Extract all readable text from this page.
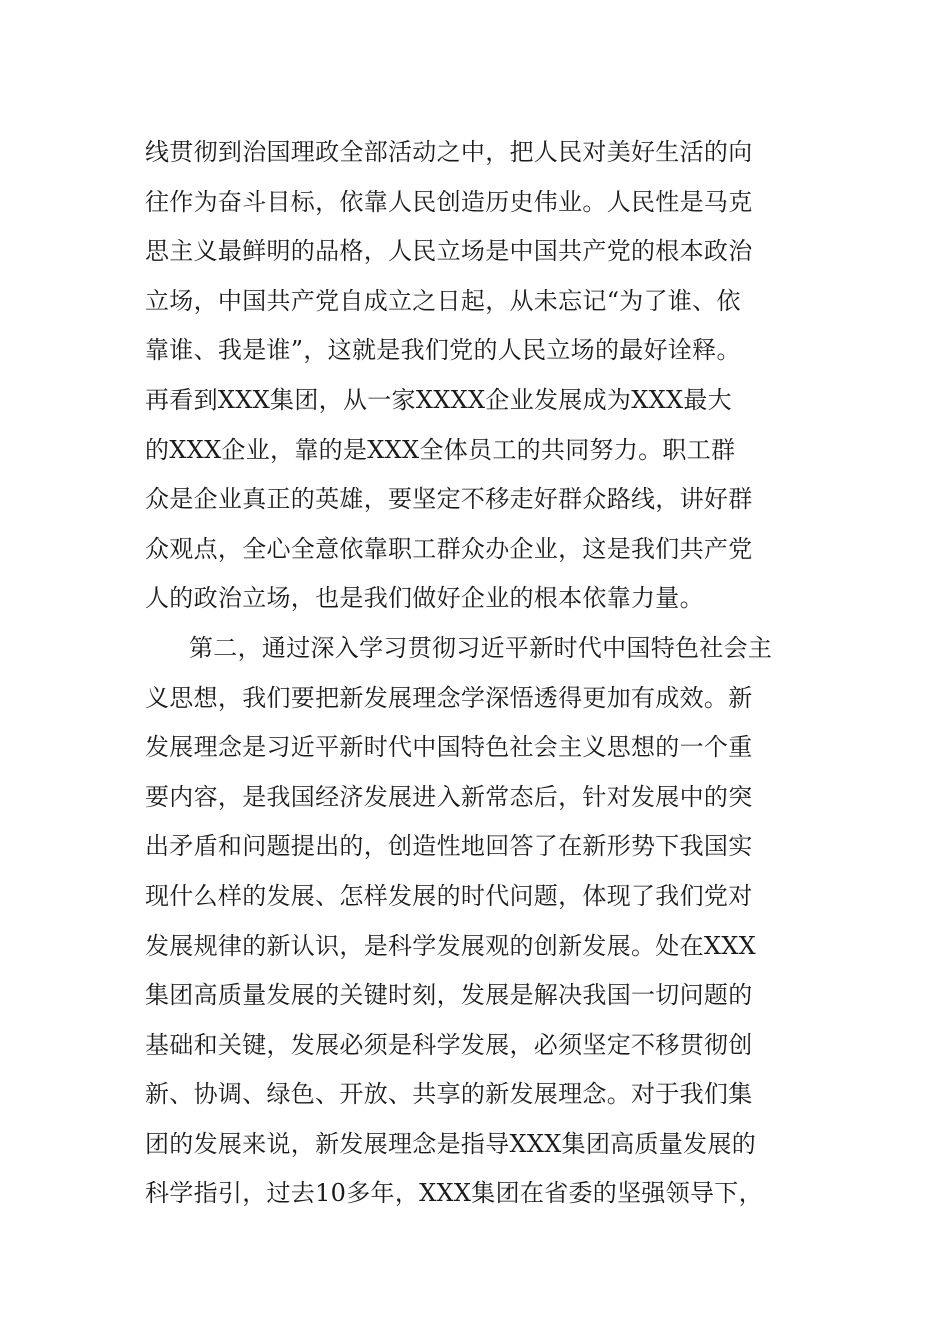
线贯彻到治国理政全部活动之中，把人民对美好生活的向
往作为奋斗目标，依靠人民创造历史伟业。人民性是马克
思主义最鲜明的品格，人民立场是中国共产党的根本政治
立场，中国共产党自成立之日起，从未忘记“为了谁、依
靠谁、我是谁”，这就是我们党的人民立场的最好诠释。
再看到XXX集团，从一家XXXX企业发展成为XXX最大
的XXX企业，靠的是XXX全体员工的共同努力。职工群
众是企业真正的英雄，要坚定不移走好群众路线，讲好群
众观点，全心全意依靠职工群众办企业，这是我们共产党
人的政治立场，也是我们做好企业的根本依靠力量。
第二，通过深入学习贯彻习近平新时代中国特色社会主
义思想，我们要把新发展理念学深悟透得更加有成效。新
发展理念是习近平新时代中国特色社会主义思想的一个重
要内容，是我国经济发展进入新常态后，针对发展中的突
出矛盾和问题提出的，创造性地回答了在新形势下我国实
现什么样的发展、怎样发展的时代问题，体现了我们党对
发展规律的新认识，是科学发展观的创新发展。处在XXX
集团高质量发展的关键时刻，发展是解决我国一切问题的
基础和关键，发展必须是科学发展，必须坚定不移贯彻创
新、协调、绿色、开放、共享的新发展理念。对于我们集
团的发展来说，新发展理念是指导XXX集团高质量发展的
科学指引，过去10多年，XXX集团在省委的坚强领导下，
